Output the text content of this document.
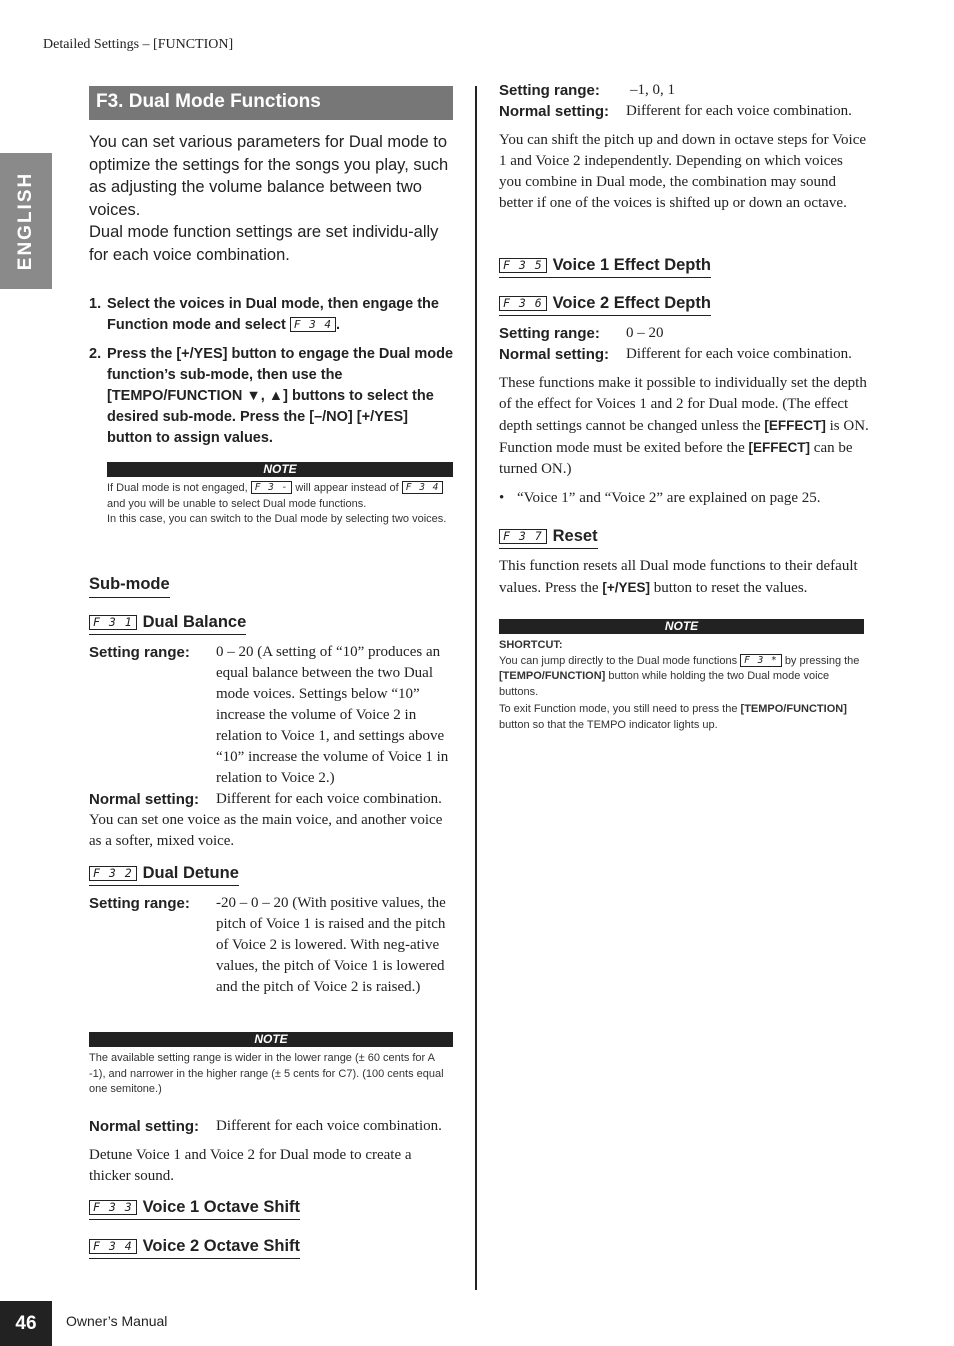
Detailed Settings – [FUNCTION]
ENGLISH
F3. Dual Mode Functions

You can set various parameters for Dual mode to optimize the settings for the songs you play, such as adjusting the volume balance between two voices.

Dual mode function settings are set individu-ally for each voice combination.

1. Select the voices in Dual mode, then engage the Function mode and select F 3 4 .
2. Press the [+/YES] button to engage the Dual mode function’s sub-mode, then use the [TEMPO/FUNCTION ▼, ▲] buttons to select the desired sub-mode. Press the [–/NO] [+/YES] button to assign values.
NOTE

If Dual mode is not engaged, F 3 - will appear instead of F 3 4 and you will be unable to select Dual mode functions.

In this case, you can switch to the Dual mode by selecting two voices.

Sub-mode
F 3 1 Dual Balance
Setting range: 0 – 20 (A setting of “10” produces an equal balance between the two Dual mode voices. Settings below “10” increase the volume of Voice 2 in relation to Voice 1, and settings above “10” increase the volume of Voice 1 in relation to Voice 2.)
Normal setting: Different for each voice combination.

You can set one voice as the main voice, and another voice as a softer, mixed voice.

F 3 2 Dual Detune
Setting range: -20 – 0 – 20 (With positive values, the pitch of Voice 1 is raised and the pitch of Voice 2 is lowered. With neg-ative values, the pitch of Voice 1 is lowered and the pitch of Voice 2 is raised.)
NOTE

The available setting range is wider in the lower range (± 60 cents for A -1), and narrower in the higher range (± 5 cents for C7). (100 cents equal one semitone.)

Normal setting: Different for each voice combination.

Detune Voice 1 and Voice 2 for Dual mode to create a thicker sound.

F 3 3 Voice 1 Octave Shift
F 3 4 Voice 2 Octave Shift
Setting range: –1, 0, 1
Normal setting: Different for each voice combination.

You can shift the pitch up and down in octave steps for Voice 1 and Voice 2 independently. Depending on which voices you combine in Dual mode, the combination may sound better if one of the voices is shifted up or down an octave.

F 3 5 Voice 1 Effect Depth
F 3 6 Voice 2 Effect Depth
Setting range: 0 – 20
Normal setting: Different for each voice combination.

These functions make it possible to individually set the depth of the effect for Voices 1 and 2 for Dual mode. (The effect depth settings cannot be changed unless the [EFFECT] is ON. Function mode must be exited before the [EFFECT] can be turned ON.)

• “Voice 1” and “Voice 2” are explained on page 25.
F 3 7 Reset

This function resets all Dual mode functions to their default values. Press the [+/YES] button to reset the values.

NOTE

SHORTCUT:

You can jump directly to the Dual mode functions F 3 * by pressing the [TEMPO/FUNCTION] button while holding the two Dual mode voice buttons.

To exit Function mode, you still need to press the [TEMPO/FUNCTION] button so that the TEMPO indicator lights up.

46	Owner’s Manual
